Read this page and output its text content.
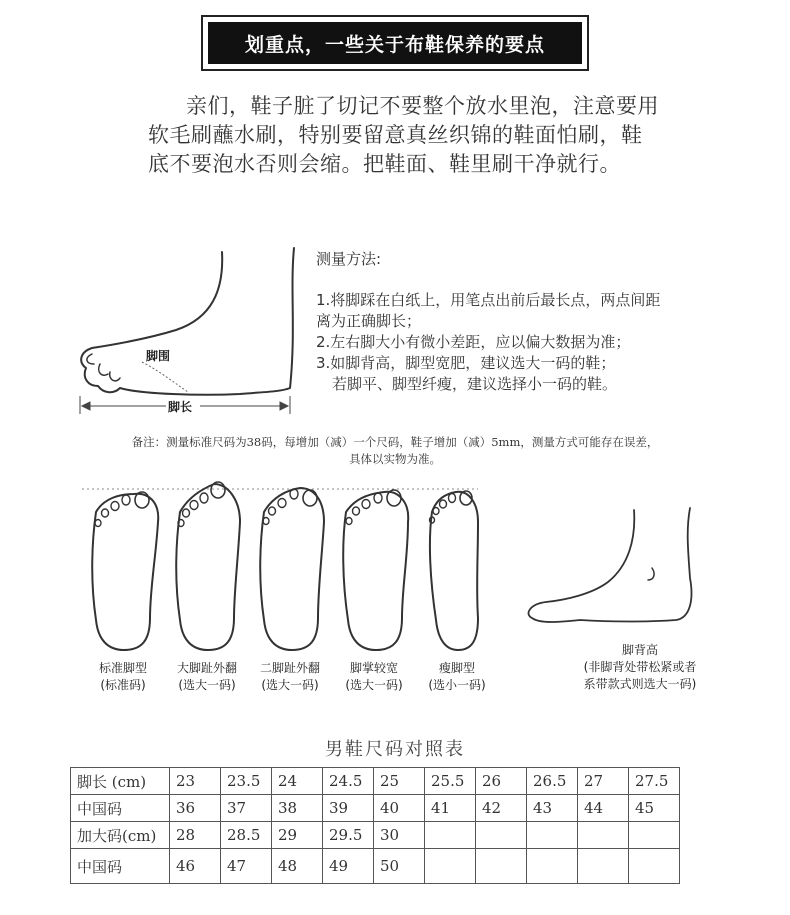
划重点，一些关于布鞋保养的要点
亲们，鞋子脏了切记不要整个放水里泡，注意要用
软毛刷蘸水刷，特别要留意真丝织锦的鞋面怕刷，鞋
底不要泡水否则会缩。把鞋面、鞋里刷干净就行。
脚围
脚长
测量方法:
1.将脚踩在白纸上，用笔点出前后最长点，两点间距
离为正确脚长；
2.左右脚大小有微小差距，应以偏大数据为准；
3.如脚背高，脚型宽肥，建议选大一码的鞋；
若脚平、脚型纤瘦，建议选择小一码的鞋。
备注：测量标准尺码为38码，每增加（减）一个尺码，鞋子增加（减）5mm，测量方式可能存在误差，
具体以实物为准。
标准脚型
(标准码)
大脚趾外翻
(选大一码)
二脚趾外翻
(选大一码)
脚掌较宽
(选大一码)
瘦脚型
(选小一码)
脚背高
(非脚背处带松紧或者
系带款式则选大一码)
男鞋尺码对照表
脚长 (cm)	23	23.5	24	24.5	25	25.5	26	26.5	27	27.5
中国码	36	37	38	39	40	41	42	43	44	45
加大码(cm)	28	28.5	29	29.5	30					
中国码	46	47	48	49	50					
